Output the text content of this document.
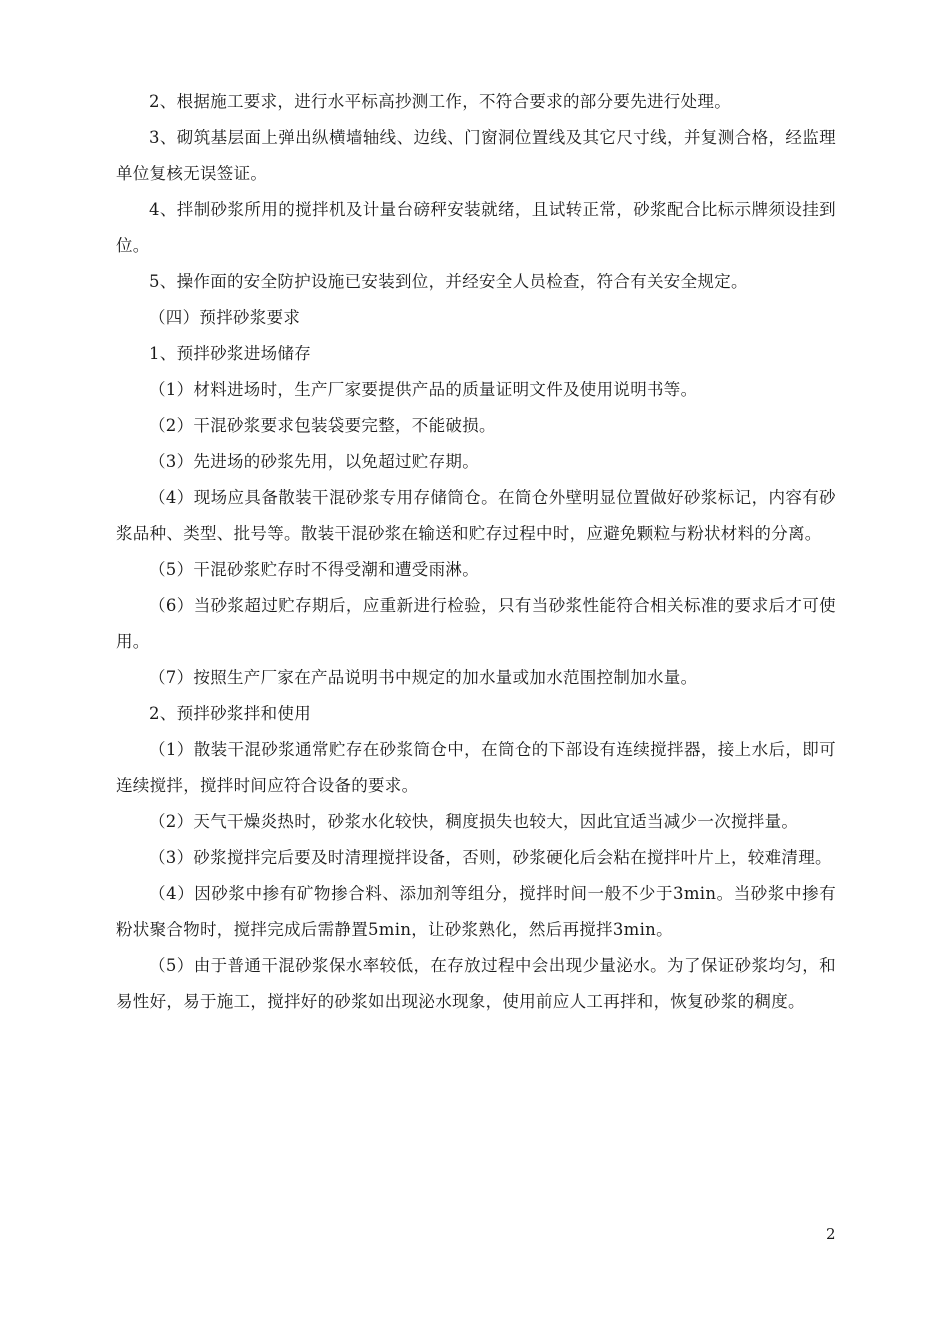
2、根据施工要求，进行水平标高抄测工作，不符合要求的部分要先进行处理。

3、砌筑基层面上弹出纵横墙轴线、边线、门窗洞位置线及其它尺寸线，并复测合格，经监理单位复核无误签证。

4、拌制砂浆所用的搅拌机及计量台磅秤安装就绪，且试转正常，砂浆配合比标示牌须设挂到位。

5、操作面的安全防护设施已安装到位，并经安全人员检查，符合有关安全规定。

（四）预拌砂浆要求

1、预拌砂浆进场储存

（1）材料进场时，生产厂家要提供产品的质量证明文件及使用说明书等。

（2）干混砂浆要求包装袋要完整，不能破损。

（3）先进场的砂浆先用，以免超过贮存期。

（4）现场应具备散装干混砂浆专用存储筒仓。在筒仓外壁明显位置做好砂浆标记，内容有砂浆品种、类型、批号等。散装干混砂浆在输送和贮存过程中时，应避免颗粒与粉状材料的分离。

（5）干混砂浆贮存时不得受潮和遭受雨淋。

（6）当砂浆超过贮存期后，应重新进行检验，只有当砂浆性能符合相关标准的要求后才可使用。

（7）按照生产厂家在产品说明书中规定的加水量或加水范围控制加水量。

2、预拌砂浆拌和使用

（1）散装干混砂浆通常贮存在砂浆筒仓中，在筒仓的下部设有连续搅拌器，接上水后，即可连续搅拌，搅拌时间应符合设备的要求。

（2）天气干燥炎热时，砂浆水化较快，稠度损失也较大，因此宜适当减少一次搅拌量。

（3）砂浆搅拌完后要及时清理搅拌设备，否则，砂浆硬化后会粘在搅拌叶片上，较难清理。

（4）因砂浆中掺有矿物掺合料、添加剂等组分，搅拌时间一般不少于3min。当砂浆中掺有粉状聚合物时，搅拌完成后需静置5min，让砂浆熟化，然后再搅拌3min。

（5）由于普通干混砂浆保水率较低，在存放过程中会出现少量泌水。为了保证砂浆均匀，和易性好，易于施工，搅拌好的砂浆如出现泌水现象，使用前应人工再拌和，恢复砂浆的稠度。

2
